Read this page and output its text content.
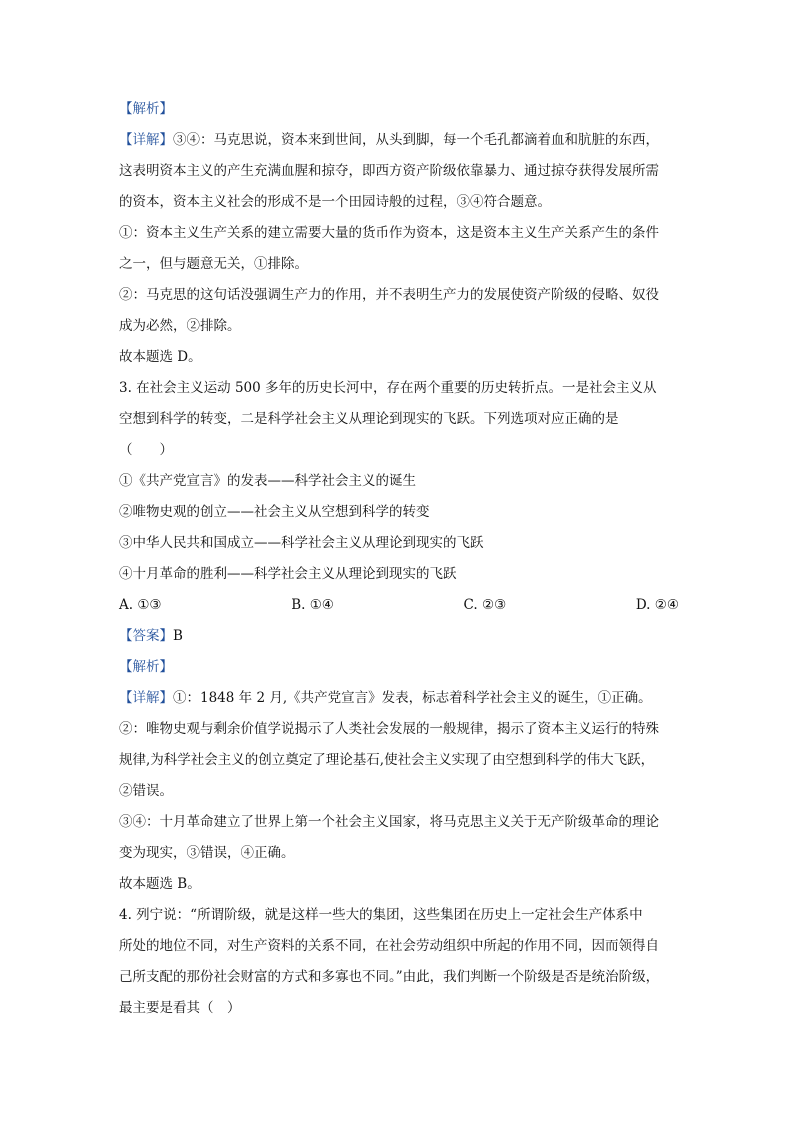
【解析】
【详解】③④：马克思说，资本来到世间，从头到脚，每一个毛孔都滴着血和肮脏的东西，
这表明资本主义的产生充满血腥和掠夺，即西方资产阶级依靠暴力、通过掠夺获得发展所需
的资本，资本主义社会的形成不是一个田园诗般的过程，③④符合题意。
①：资本主义生产关系的建立需要大量的货币作为资本，这是资本主义生产关系产生的条件
之一，但与题意无关，①排除。
②：马克思的这句话没强调生产力的作用，并不表明生产力的发展使资产阶级的侵略、奴役
成为必然，②排除。
故本题选 D。
3. 在社会主义运动 500 多年的历史长河中，存在两个重要的历史转折点。一是社会主义从
空想到科学的转变，二是科学社会主义从理论到现实的飞跃。下列选项对应正确的是
（　　）
①《共产党宣言》的发表——科学社会主义的诞生
②唯物史观的创立——社会主义从空想到科学的转变
③中华人民共和国成立——科学社会主义从理论到现实的飞跃
④十月革命的胜利——科学社会主义从理论到现实的飞跃
A. ①③	B. ①④	C. ②③	D. ②④
【答案】B
【解析】
【详解】①：1848 年 2 月,《共产党宣言》发表，标志着科学社会主义的诞生，①正确。
②：唯物史观与剩余价值学说揭示了人类社会发展的一般规律，揭示了资本主义运行的特殊
规律,为科学社会主义的创立奠定了理论基石,使社会主义实现了由空想到科学的伟大飞跃，
②错误。
③④：十月革命建立了世界上第一个社会主义国家，将马克思主义关于无产阶级革命的理论
变为现实，③错误，④正确。
故本题选 B。
4. 列宁说：“所谓阶级，就是这样一些大的集团，这些集团在历史上一定社会生产体系中
所处的地位不同，对生产资料的关系不同，在社会劳动组织中所起的作用不同，因而领得自
己所支配的那份社会财富的方式和多寡也不同。”由此，我们判断一个阶级是否是统治阶级，
最主要是看其（　）
